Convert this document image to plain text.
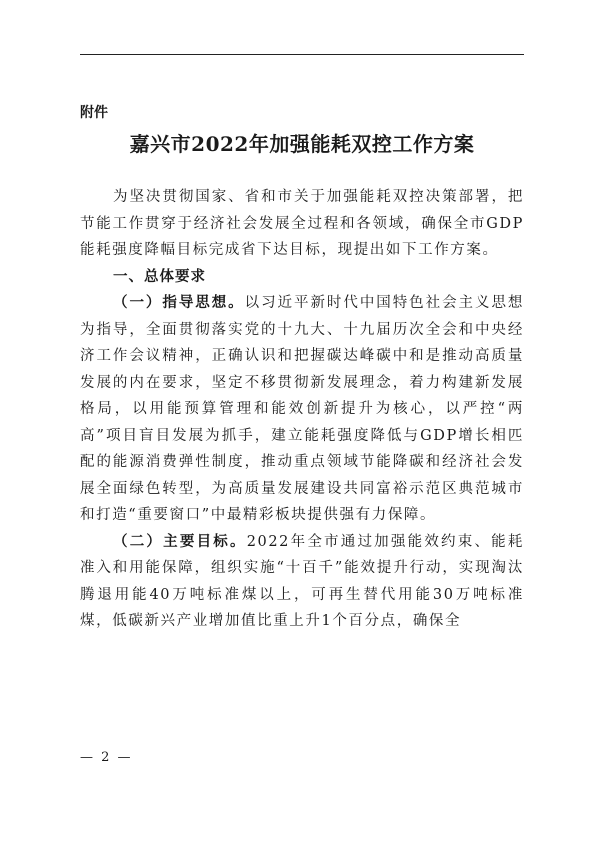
附件
嘉兴市2022年加强能耗双控工作方案

为坚决贯彻国家、省和市关于加强能耗双控决策部署，把节能工作贯穿于经济社会发展全过程和各领域，确保全市GDP能耗强度降幅目标完成省下达目标，现提出如下工作方案。

一、总体要求

（一）指导思想。以习近平新时代中国特色社会主义思想为指导，全面贯彻落实党的十九大、十九届历次全会和中央经济工作会议精神，正确认识和把握碳达峰碳中和是推动高质量发展的内在要求，坚定不移贯彻新发展理念，着力构建新发展格局，以用能预算管理和能效创新提升为核心，以严控“两高”项目盲目发展为抓手，建立能耗强度降低与GDP增长相匹配的能源消费弹性制度，推动重点领域节能降碳和经济社会发展全面绿色转型，为高质量发展建设共同富裕示范区典范城市和打造“重要窗口”中最精彩板块提供强有力保障。

（二）主要目标。2022年全市通过加强能效约束、能耗准入和用能保障，组织实施“十百千”能效提升行动，实现淘汰腾退用能40万吨标准煤以上，可再生替代用能30万吨标准煤，低碳新兴产业增加值比重上升1个百分点，确保全

— 2 —
